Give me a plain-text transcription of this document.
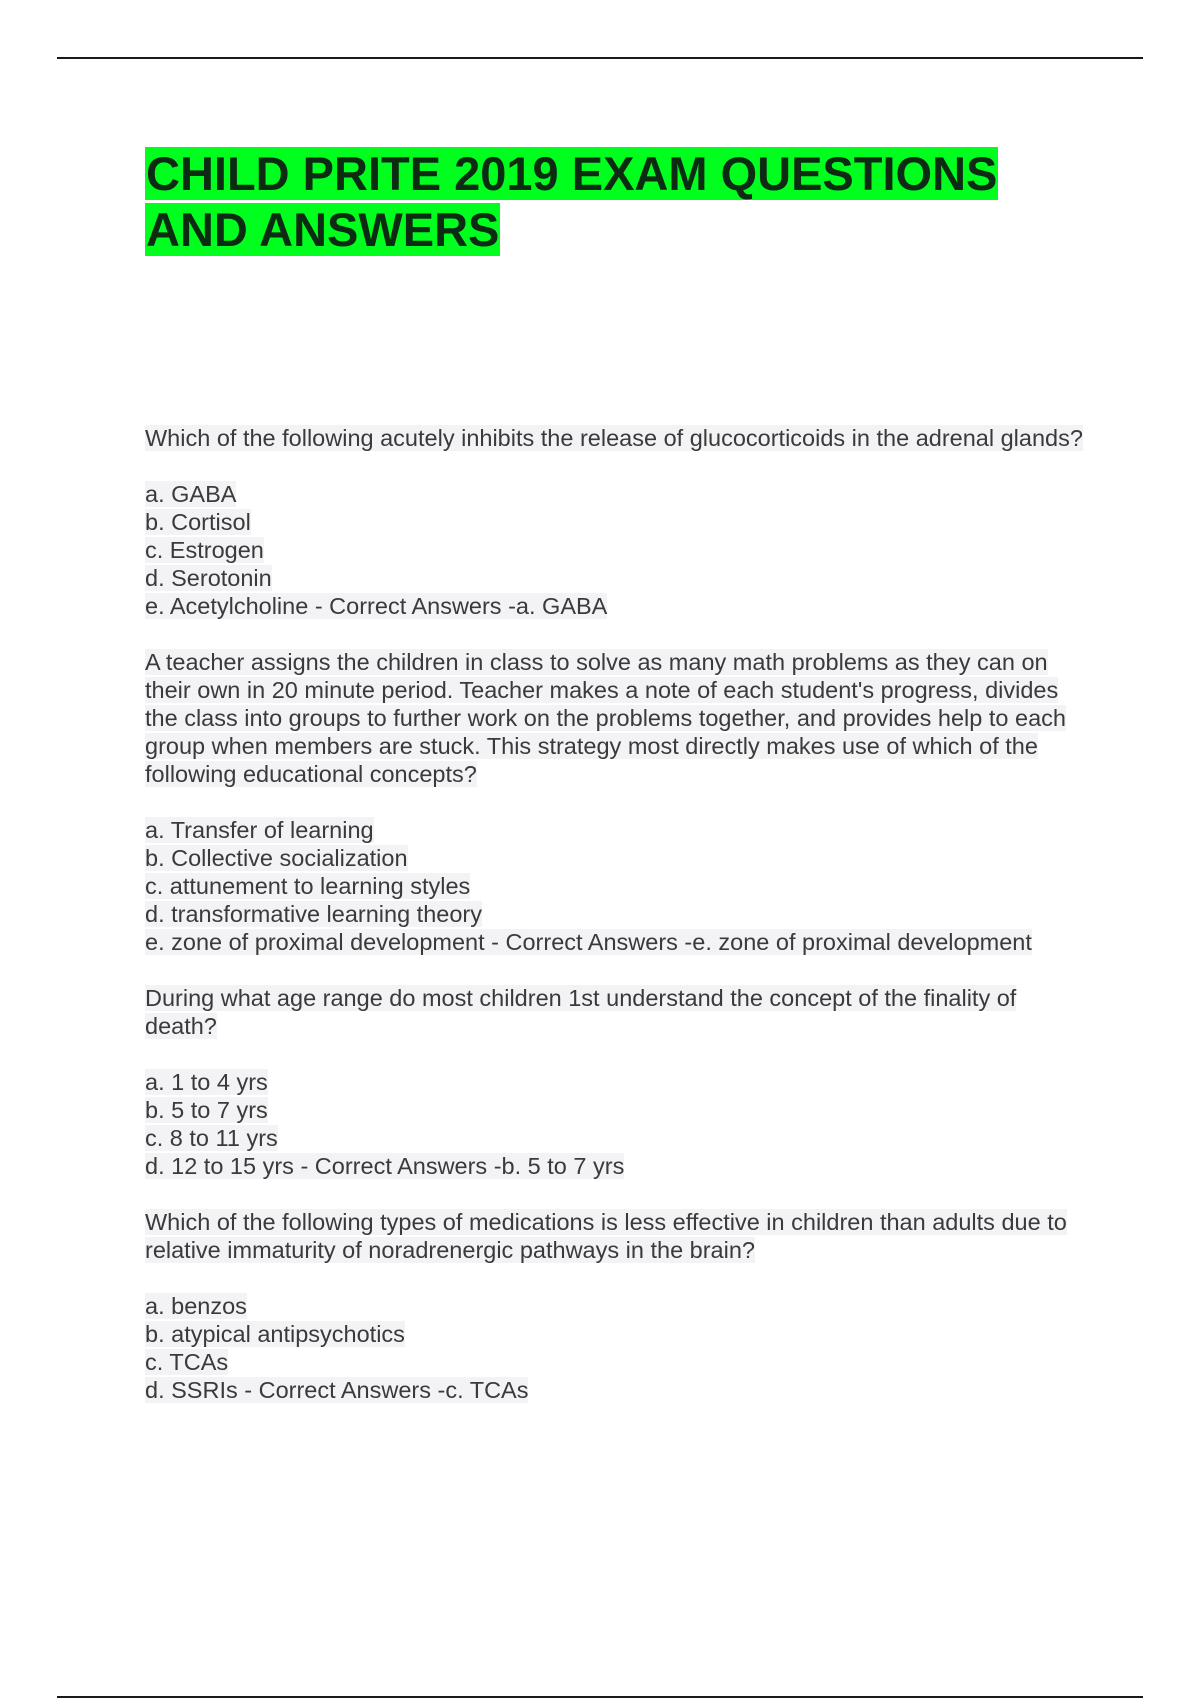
CHILD PRITE 2019 EXAM QUESTIONS AND ANSWERS

Which of the following acutely inhibits the release of glucocorticoids in the adrenal glands?

a. GABA
b. Cortisol
c. Estrogen
d. Serotonin
e. Acetylcholine - Correct Answers -a. GABA

A teacher assigns the children in class to solve as many math problems as they can on their own in 20 minute period. Teacher makes a note of each student's progress, divides the class into groups to further work on the problems together, and provides help to each group when members are stuck. This strategy most directly makes use of which of the following educational concepts?

a. Transfer of learning
b. Collective socialization
c. attunement to learning styles
d. transformative learning theory
e. zone of proximal development - Correct Answers -e. zone of proximal development

During what age range do most children 1st understand the concept of the finality of death?

a. 1 to 4 yrs
b. 5 to 7 yrs
c. 8 to 11 yrs
d. 12 to 15 yrs - Correct Answers -b. 5 to 7 yrs

Which of the following types of medications is less effective in children than adults due to relative immaturity of noradrenergic pathways in the brain?

a. benzos
b. atypical antipsychotics
c. TCAs
d. SSRIs - Correct Answers -c. TCAs
